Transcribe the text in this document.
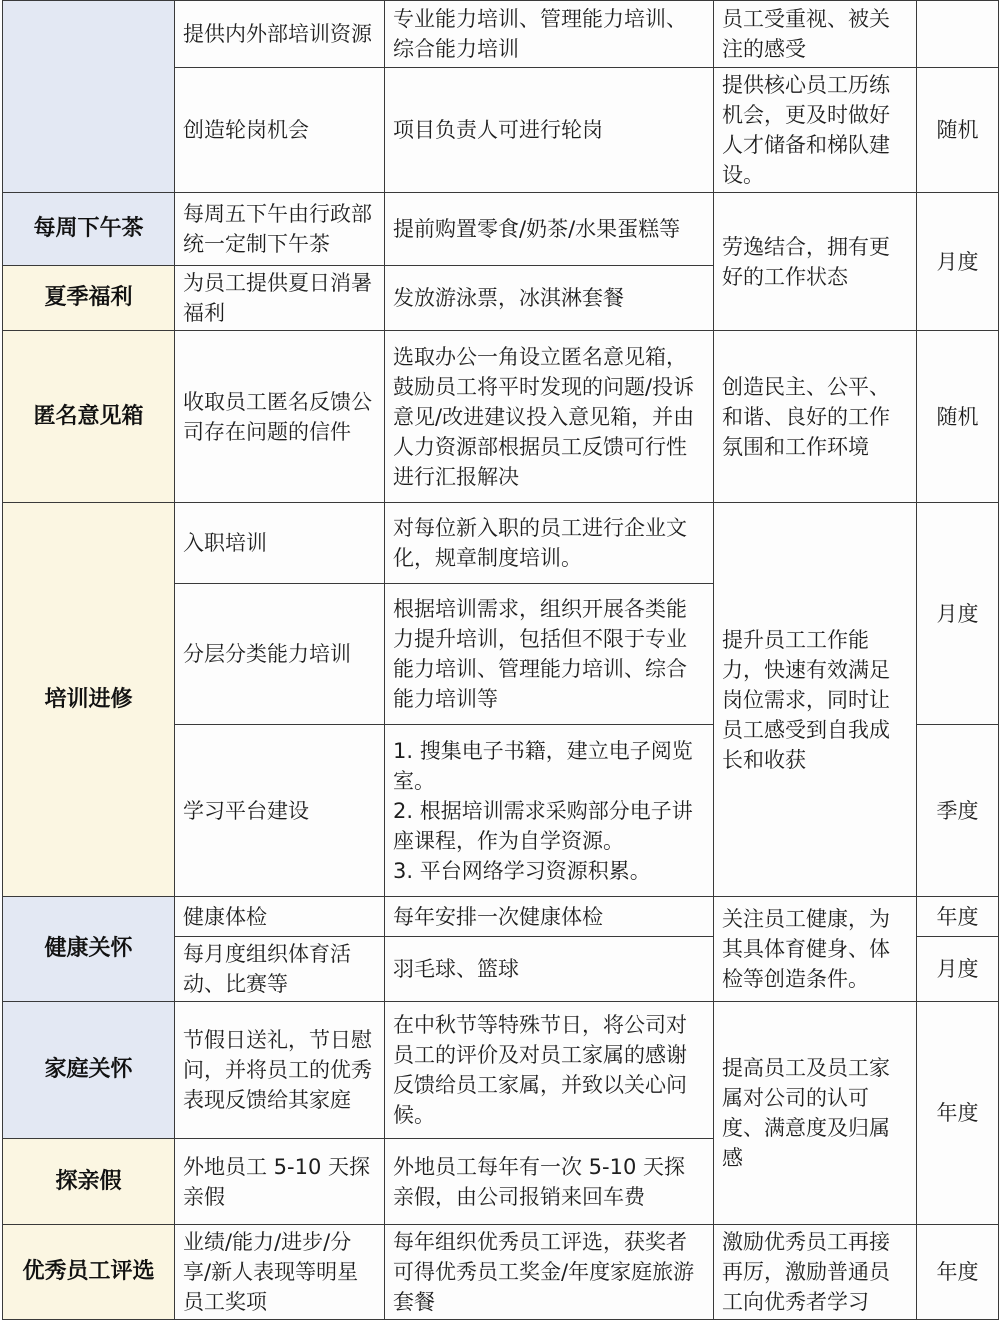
	提供内外部培训资源	专业能力培训、管理能力培训、综合能力培训	员工受重视、被关注的感受	
	创造轮岗机会	项目负责人可进行轮岗	提供核心员工历练机会，更及时做好人才储备和梯队建设。	随机
每周下午茶	每周五下午由行政部统一定制下午茶	提前购置零食/奶茶/水果蛋糕等	劳逸结合，拥有更好的工作状态	月度
夏季福利	为员工提供夏日消暑福利	发放游泳票，冰淇淋套餐		
匿名意见箱	收取员工匿名反馈公司存在问题的信件	选取办公一角设立匿名意见箱，鼓励员工将平时发现的问题/投诉意见/改进建议投入意见箱，并由人力资源部根据员工反馈可行性进行汇报解决	创造民主、公平、和谐、良好的工作氛围和工作环境	随机
培训进修	入职培训	对每位新入职的员工进行企业文化，规章制度培训。	提升员工工作能力，快速有效满足岗位需求，同时让员工感受到自我成长和收获	月度
	分层分类能力培训	根据培训需求，组织开展各类能力提升培训，包括但不限于专业能力培训、管理能力培训、综合能力培训等		
	学习平台建设	1. 搜集电子书籍，建立电子阅览室。
2. 根据培训需求采购部分电子讲座课程，作为自学资源。
3. 平台网络学习资源积累。		季度
健康关怀	健康体检	每年安排一次健康体检	关注员工健康，为其具体育健身、体检等创造条件。	年度
	每月度组织体育活动、比赛等	羽毛球、篮球		月度
家庭关怀	节假日送礼，节日慰问，并将员工的优秀表现反馈给其家庭	在中秋节等特殊节日，将公司对员工的评价及对员工家属的感谢反馈给员工家属，并致以关心问候。	提高员工及员工家属对公司的认可度、满意度及归属感	年度
探亲假	外地员工 5-10 天探亲假	外地员工每年有一次 5-10 天探亲假，由公司报销来回车费		
优秀员工评选	业绩/能力/进步/分享/新人表现等明星员工奖项	每年组织优秀员工评选，获奖者可得优秀员工奖金/年度家庭旅游套餐	激励优秀员工再接再厉，激励普通员工向优秀者学习	年度
